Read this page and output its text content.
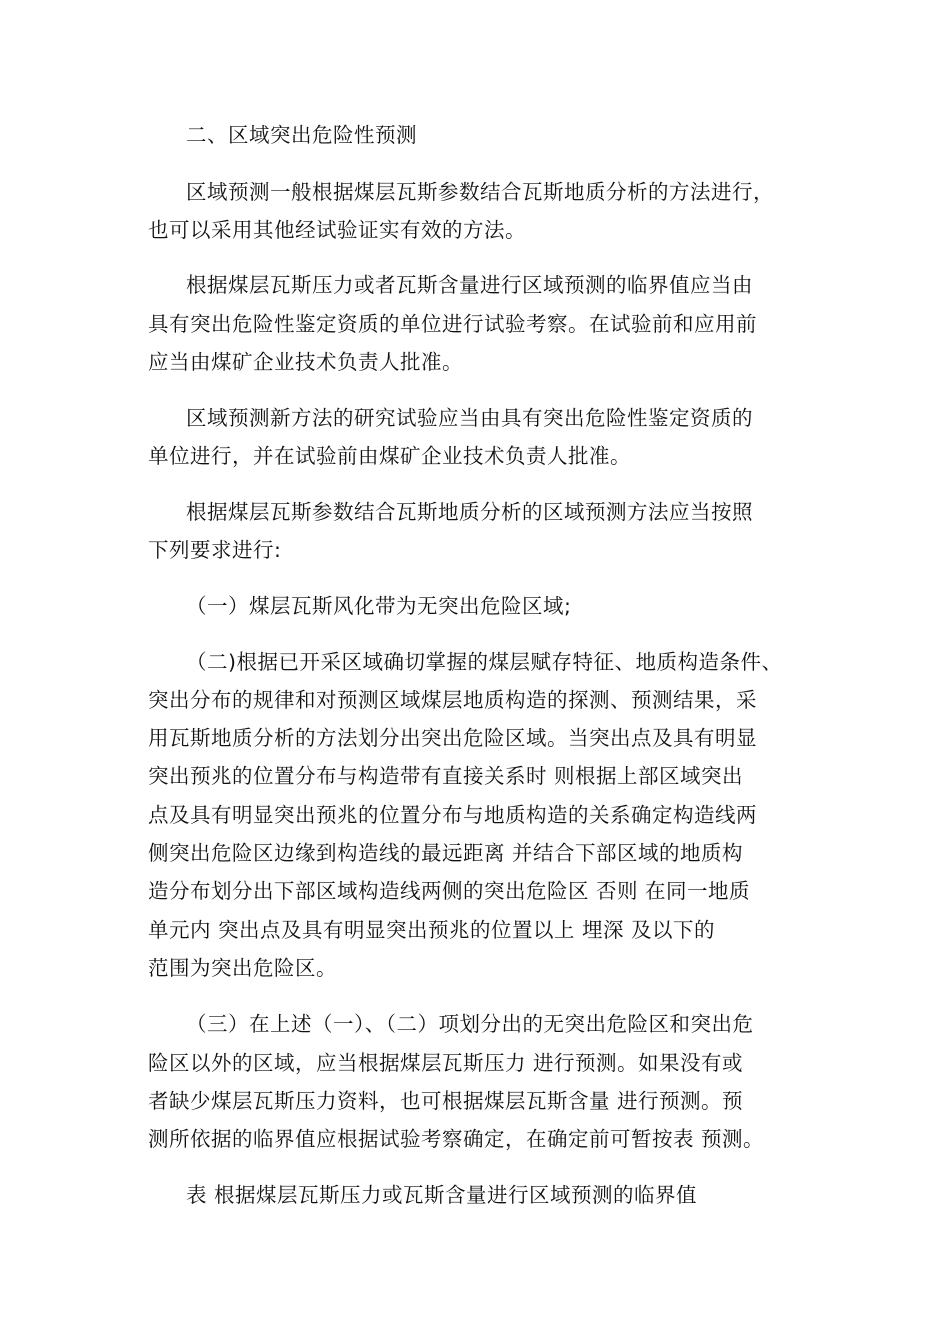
二、区域突出危险性预测
区域预测一般根据煤层瓦斯参数结合瓦斯地质分析的方法进行，
也可以采用其他经试验证实有效的方法。
根据煤层瓦斯压力或者瓦斯含量进行区域预测的临界值应当由
具有突出危险性鉴定资质的单位进行试验考察。在试验前和应用前
应当由煤矿企业技术负责人批准。
区域预测新方法的研究试验应当由具有突出危险性鉴定资质的
单位进行，并在试验前由煤矿企业技术负责人批准。
根据煤层瓦斯参数结合瓦斯地质分析的区域预测方法应当按照
下列要求进行:
（一）煤层瓦斯风化带为无突出危险区域;
（二)根据已开采区域确切掌握的煤层赋存特征、地质构造条件、
突出分布的规律和对预测区域煤层地质构造的探测、预测结果，采
用瓦斯地质分析的方法划分出突出危险区域。当突出点及具有明显
突出预兆的位置分布与构造带有直接关系时 则根据上部区域突出
点及具有明显突出预兆的位置分布与地质构造的关系确定构造线两
侧突出危险区边缘到构造线的最远距离 并结合下部区域的地质构
造分布划分出下部区域构造线两侧的突出危险区 否则 在同一地质
单元内 突出点及具有明显突出预兆的位置以上 埋深 及以下的
范围为突出危险区。
（三）在上述（一）、（二）项划分出的无突出危险区和突出危
险区以外的区域，应当根据煤层瓦斯压力 进行预测。如果没有或
者缺少煤层瓦斯压力资料，也可根据煤层瓦斯含量 进行预测。预
测所依据的临界值应根据试验考察确定，在确定前可暂按表 预测。
表 根据煤层瓦斯压力或瓦斯含量进行区域预测的临界值
